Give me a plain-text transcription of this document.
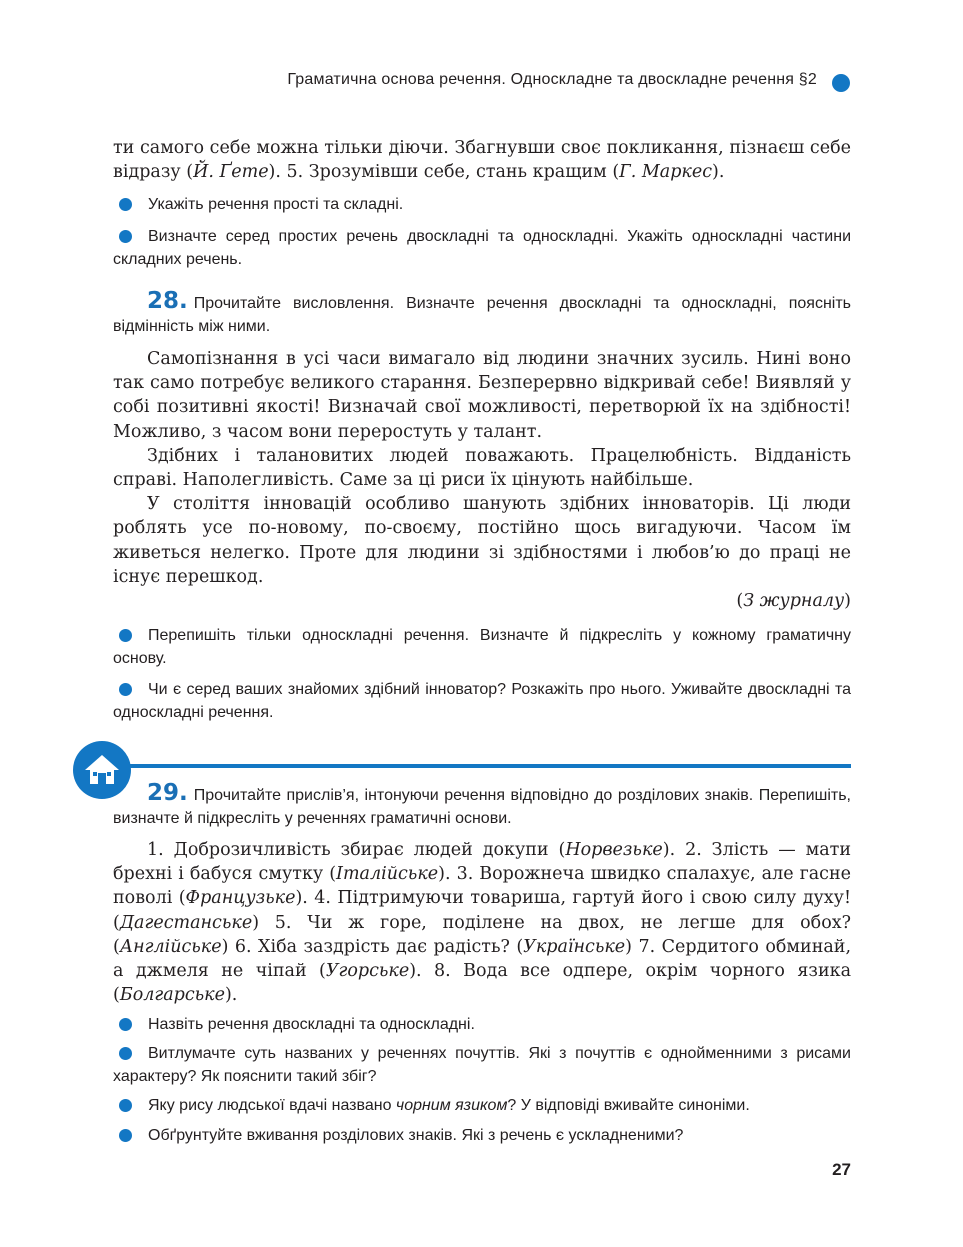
Граматична основа речення. Односкладне та двоскладне речення §2

ти самого себе можна тільки діючи. Збагнувши своє покликання, пізнаєш себе відразу (Й. Ґете). 5. Зрозумівши себе, стань кращим (Г. Маркес).

Укажіть речення прості та складні.
Визначте серед простих речень двоскладні та односкладні. Укажіть односкладні частини складних речень.
28. Прочитайте висловлення. Визначте речення двоскладні та односкладні, поясніть відмінність між ними.

Самопізнання в усі часи вимагало від людини значних зусиль. Нині воно так само потребує великого старання. Безперервно відкривай себе! Виявляй у собі позитивні якості! Визначай свої можливості, перетворюй їх на здібності! Можливо, з часом вони переростуть у талант.

Здібних і талановитих людей поважають. Працелюбність. Відданість справі. Наполегливість. Саме за ці риси їх цінують найбільше.

У століття інновацій особливо шанують здібних інноваторів. Ці люди роблять усе по-новому, по-своєму, постійно щось вигадуючи. Часом їм живеться нелегко. Проте для людини зі здібностями і любов’ю до праці не існує перешкод.

(З журналу)
Перепишіть тільки односкладні речення. Визначте й підкресліть у кожному граматичну основу.
Чи є серед ваших знайомих здібний інноватор? Розкажіть про нього. Уживайте двоскладні та односкладні речення.
29. Прочитайте прислів’я, інтонуючи речення відповідно до розділових знаків. Перепишіть, визначте й підкресліть у реченнях граматичні основи.

1. Доброзичливість збирає людей докупи (Норвезьке). 2. Злість — мати брехні і бабуся смутку (Італійське). 3. Ворожнеча швидко спалахує, але гасне поволі (Французьке). 4. Підтримуючи товариша, гартуй його і свою силу духу! (Дагестанське) 5. Чи ж горе, поділене на двох, не легше для обох? (Англійське) 6. Хіба заздрість дає радість? (Українське) 7. Сердитого обминай, а джмеля не чіпай (Угорське). 8. Вода все одпере, окрім чорного язика (Болгарське).

Назвіть речення двоскладні та односкладні.
Витлумачте суть названих у реченнях почуттів. Які з почуттів є однойменними з рисами характеру? Як пояснити такий збіг?
Яку рису людської вдачі названо чорним язиком? У відповіді вживайте синоніми.
Обґрунтуйте вживання розділових знаків. Які з речень є ускладненими?
27
